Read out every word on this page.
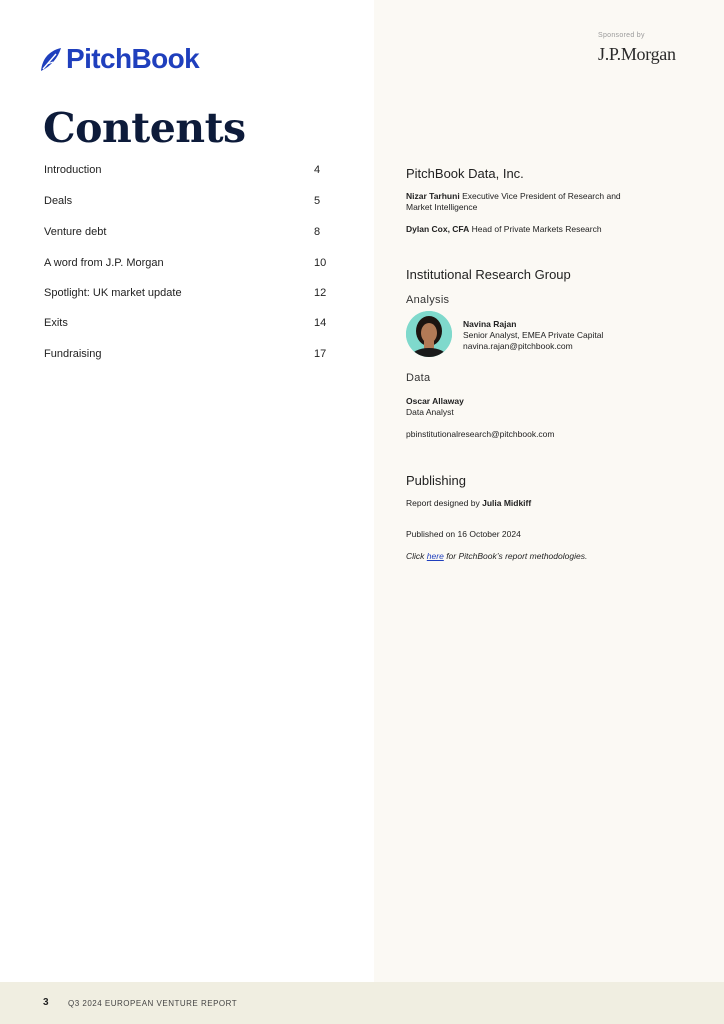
PitchBook
Contents
Introduction	4
Deals	5
Venture debt	8
A word from J.P. Morgan	10
Spotlight: UK market update	12
Exits	14
Fundraising	17
Sponsored by
J.P.Morgan
PitchBook Data, Inc.
Nizar Tarhuni Executive Vice President of Research and Market Intelligence
Dylan Cox, CFA Head of Private Markets Research
Institutional Research Group
Analysis
Navina Rajan
Senior Analyst, EMEA Private Capital
navina.rajan@pitchbook.com
Data
Oscar Allaway
Data Analyst
pbinstitutionalresearch@pitchbook.com
Publishing
Report designed by Julia Midkiff
Published on 16 October 2024
Click here for PitchBook’s report methodologies.
3 Q3 2024 EUROPEAN VENTURE REPORT
